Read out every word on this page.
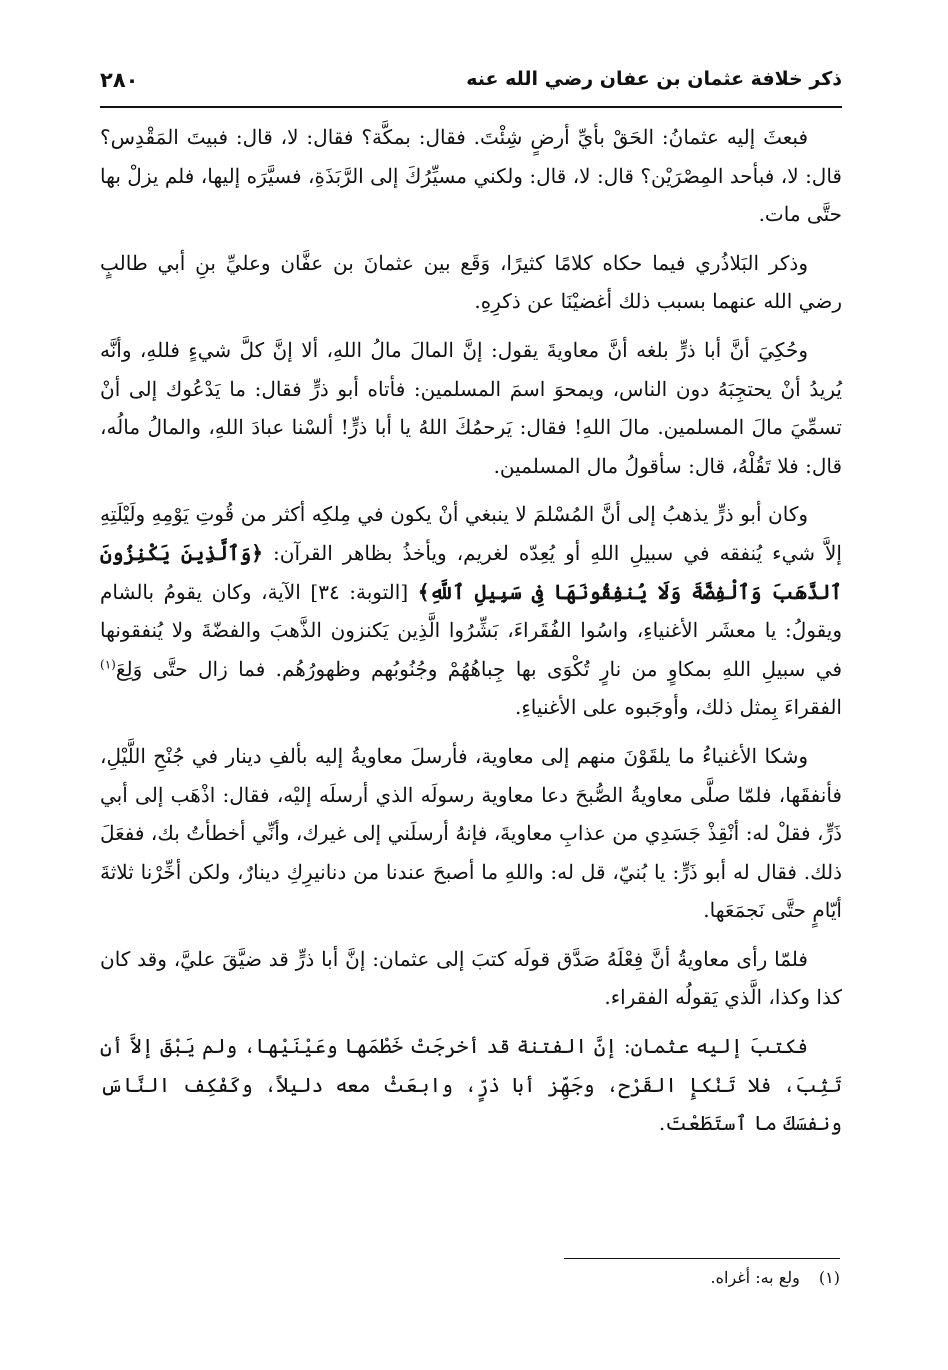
ذكر خلافة عثمان بن عفان رضي الله عنه
٢٨٠

فبعثَ إليه عثمانُ: الحَقْ بأيِّ أرضٍ شِئْتَ. فقال: بمكَّة؟ فقال: لا، قال: فبيتَ المَقْدِس؟ قال: لا، فبأحد المِصْرَيْن؟ قال: لا، قال: ولكني مسيِّرُكَ إلى الرَّبَذَةِ، فسيَّرَه إليها، فلم يزلْ بها حتَّى مات.

وذكر البَلاذُري فيما حكاه كلامًا كثيرًا، وَقَع بين عثمانَ بن عفَّان وعليِّ بنِ أبي طالبٍ رضي الله عنهما بسبب ذلك أغضيْنَا عن ذكرِهِ.

وحُكِيَ أنَّ أبا ذرٍّ بلغه أنَّ معاويةَ يقول: إنَّ المالَ مالُ اللهِ، ألا إنَّ كلَّ شيءٍ فللهِ، وأنَّه يُريدُ أنْ يحتجِبَهُ دون الناس، ويمحوَ اسمَ المسلمين: فأتاه أبو ذرٍّ فقال: ما يَدْعُوك إلى أنْ تسمِّيَ مالَ المسلمين. مالَ اللهِ! فقال: يَرحمُكَ اللهُ يا أبا ذرٍّ! ألسْنا عبادَ اللهِ، والمالُ مالُه، قال: فلا تَقُلْهُ، قال: سأقولُ مال المسلمين.

وكان أبو ذرٍّ يذهبُ إلى أنَّ المُسْلمَ لا ينبغي أنْ يكون في مِلكِه أكثر من قُوتِ يَوْمِهِ ولَيْلَتِهِ إلاَّ شيء يُنفقه في سبيلِ اللهِ أو يُعِدّه لغريم، ويأخذُ بظاهر القرآن: ﴿وَٱلَّذِينَ يَكْنِزُونَ ٱلذَّهَبَ وَٱلْفِضَّةَ وَلَا يُنفِقُونَهَا فِى سَبِيلِ ٱللَّهِ﴾ [التوبة: ٣٤] الآية، وكان يقومُ بالشام ويقولُ: يا معشَر الأغنياءِ، واسُوا الفُقَراءَ، بَشِّرُوا الَّذِين يَكنزون الذَّهبَ والفضّةَ ولا يُنفقونها في سبيلِ اللهِ بمكاوٍ من نارٍ تُكْوَى بها جِباهُهُمْ وجُنُوبُهم وظهورُهُم. فما زال حتَّى وَلِعَ$^{(١)}$ الفقراءَ بِمثل ذلك، وأوجَبوه على الأغنياءِ.

وشكا الأغنياءُ ما يلقَوْنَ منهم إلى معاوية، فأرسلَ معاويةُ إليه بألفِ دينار في جُنْحِ اللَّيْلِ، فأنفقَها، فلمّا صلَّى معاويةُ الصُّبحَ دعا معاوية رسولَه الذي أرسلَه إليْه، فقال: اذْهَب إلى أبي ذَرٍّ، فقلْ له: أنْقِذْ جَسَدِي من عذابِ معاويةَ، فإنهُ أرسلَني إلى غيرك، وأنِّي أخطأتُ بك، ففعَلَ ذلك. فقال له أبو ذَرٍّ: يا بُنيّ، قل له: واللهِ ما أصبحَ عندنا من دنانيرِكِ دينارٌ، ولكن أخِّرْنا ثلاثةَ أيّامٍ حتَّى نَجمَعَها.

فلمّا رأى معاويةُ أنَّ فِعْلَهُ صَدَّق قولَه كتبَ إلى عثمان: إنَّ أبا ذرٍّ قد ضيَّقَ عليَّ، وقد كان كذا وكذا، الَّذي يَقولُه الفقراء.

فكتبَ إليه عثمان: إنَّ الفتنة قد أخرجَتْ خَطْمَها وعَيْنَيْها، ولم يَبْقَ إلاَّ أن تَثِبَ، فلا تَنْكإِ القَرْح، وجَهِّز أبا ذرٍّ، وابعَثْ معه دليلاً، وكَفْكِف النَّاسَ ونفسَكَ ما ٱستَطَعْتَ.

(١) ولع به: أغراه.
